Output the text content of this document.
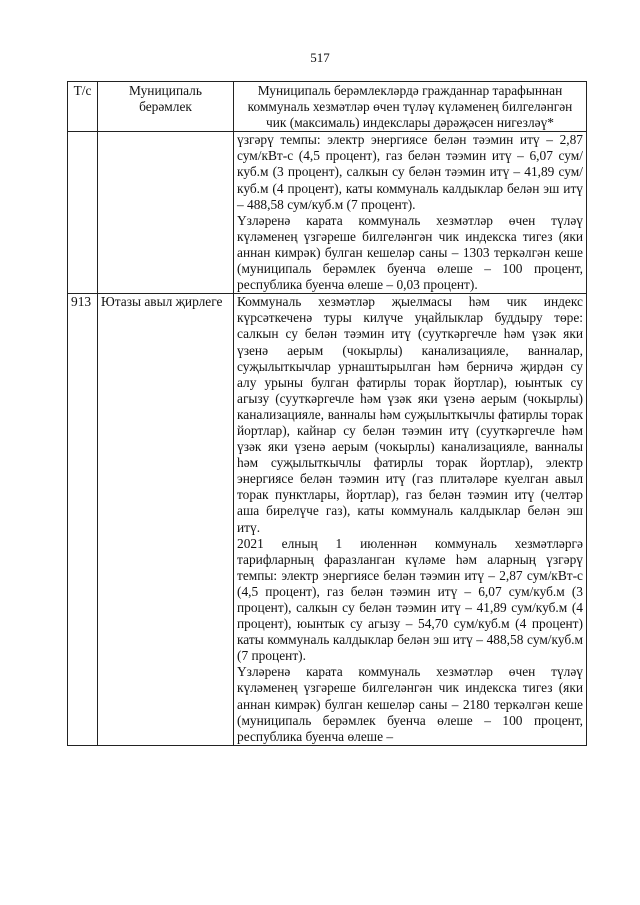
517
Т/с	Муниципаль берәмлек	Муниципаль берәмлекләрдә гражданнар тарафыннан коммуналь хезмәтләр өчен түләү күләменең билгеләнгән чик (максималь) индекслары дәрәҗәсен нигезләү*

		үзгәрү темпы: электр энергиясе белән тәэмин итү – 2,87 сум/кВт-с (4,5 процент), газ белән тәэмин итү – 6,07 сум/куб.м (3 процент), салкын су белән тәэмин итү – 41,89 сум/куб.м (4 процент), каты коммуналь калдыклар белән эш итү – 488,58 сум/куб.м (7 процент).

Үзләренә карата коммуналь хезмәтләр өчен түләү күләменең үзгәреше билгеләнгән чик индекска тигез (яки аннан кимрәк) булган кешеләр саны – 1303 теркәлгән кеше (муниципаль берәмлек буенча өлеше – 100 процент, республика буенча өлеше – 0,03 процент).

913	Ютазы авыл җирлеге	Коммуналь хезмәтләр җыелмасы һәм чик индекс күрсәткеченә туры килүче уңайлыклар буддыру төре: салкын су белән тәэмин итү (сууткәргечле һәм үзәк яки үзенә аерым (чокырлы) канализацияле, ванналар, суҗылыткычлар урнаштырылган һәм берничә җирдән су алу урыны булган фатирлы торак йортлар), юынтык су агызу (сууткәргечле һәм үзәк яки үзенә аерым (чокырлы) канализацияле, ванналы һәм суҗылыткычлы фатирлы торак йортлар), кайнар су белән тәэмин итү (сууткәргечле һәм үзәк яки үзенә аерым (чокырлы) канализацияле, ванналы һәм суҗылыткычлы фатирлы торак йортлар), электр энергиясе белән тәэмин итү (газ плитәләре куелган авыл торак пунктлары, йортлар), газ белән тәэмин итү (челтәр аша бирелүче газ), каты коммуналь калдыклар белән эш итү.

2021 елның 1 июленнән коммуналь хезмәтләргә тарифларның фаразланган күләме һәм аларның үзгәрү темпы: электр энергиясе белән тәэмин итү – 2,87 сум/кВт-с (4,5 процент), газ белән тәэмин итү – 6,07 сум/куб.м (3 процент), салкын су белән тәэмин итү – 41,89 сум/куб.м (4 процент), юынтык су агызу – 54,70 сум/куб.м (4 процент) каты коммуналь калдыклар белән эш итү – 488,58 сум/куб.м (7 процент).

Үзләренә карата коммуналь хезмәтләр өчен түләү күләменең үзгәреше билгеләнгән чик индекска тигез (яки аннан кимрәк) булган кешеләр саны – 2180 теркәлгән кеше (муниципаль берәмлек буенча өлеше – 100 процент, республика буенча өлеше –
